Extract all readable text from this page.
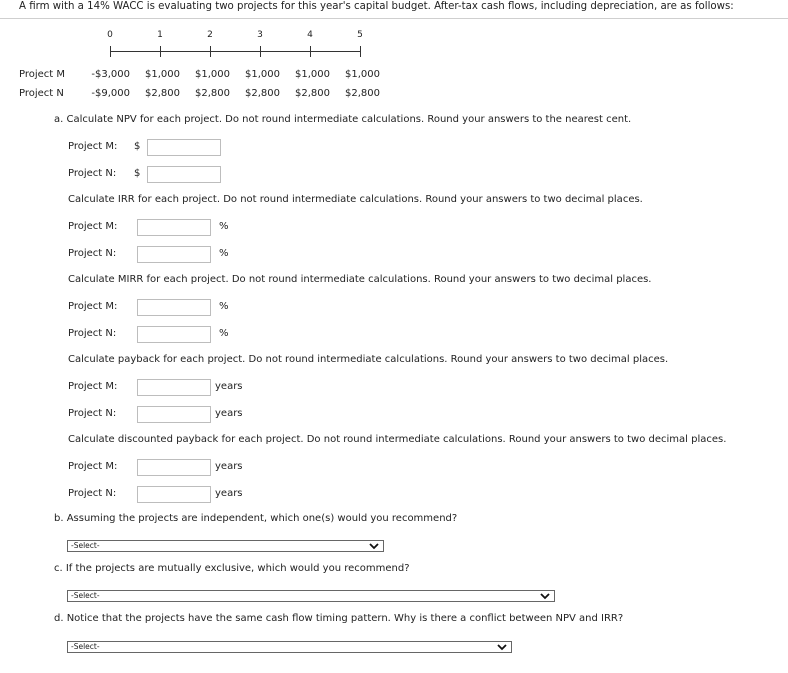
A firm with a 14% WACC is evaluating two projects for this year's capital budget. After-tax cash flows, including depreciation, are as follows:
0	1	2	3	4	5
Project M	-$3,000	$1,000	$1,000	$1,000	$1,000	$1,000
Project N	-$9,000	$2,800	$2,800	$2,800	$2,800	$2,800
a. Calculate NPV for each project. Do not round intermediate calculations. Round your answers to the nearest cent.
Project M: $
Project N: $
Calculate IRR for each project. Do not round intermediate calculations. Round your answers to two decimal places.
Project M:	%
Project N:	%
Calculate MIRR for each project. Do not round intermediate calculations. Round your answers to two decimal places.
Project M:	%
Project N:	%
Calculate payback for each project. Do not round intermediate calculations. Round your answers to two decimal places.
Project M:	years
Project N:	years
Calculate discounted payback for each project. Do not round intermediate calculations. Round your answers to two decimal places.
Project M:	years
Project N:	years
b. Assuming the projects are independent, which one(s) would you recommend?
-Select-
c. If the projects are mutually exclusive, which would you recommend?
-Select-
d. Notice that the projects have the same cash flow timing pattern. Why is there a conflict between NPV and IRR?
-Select-
